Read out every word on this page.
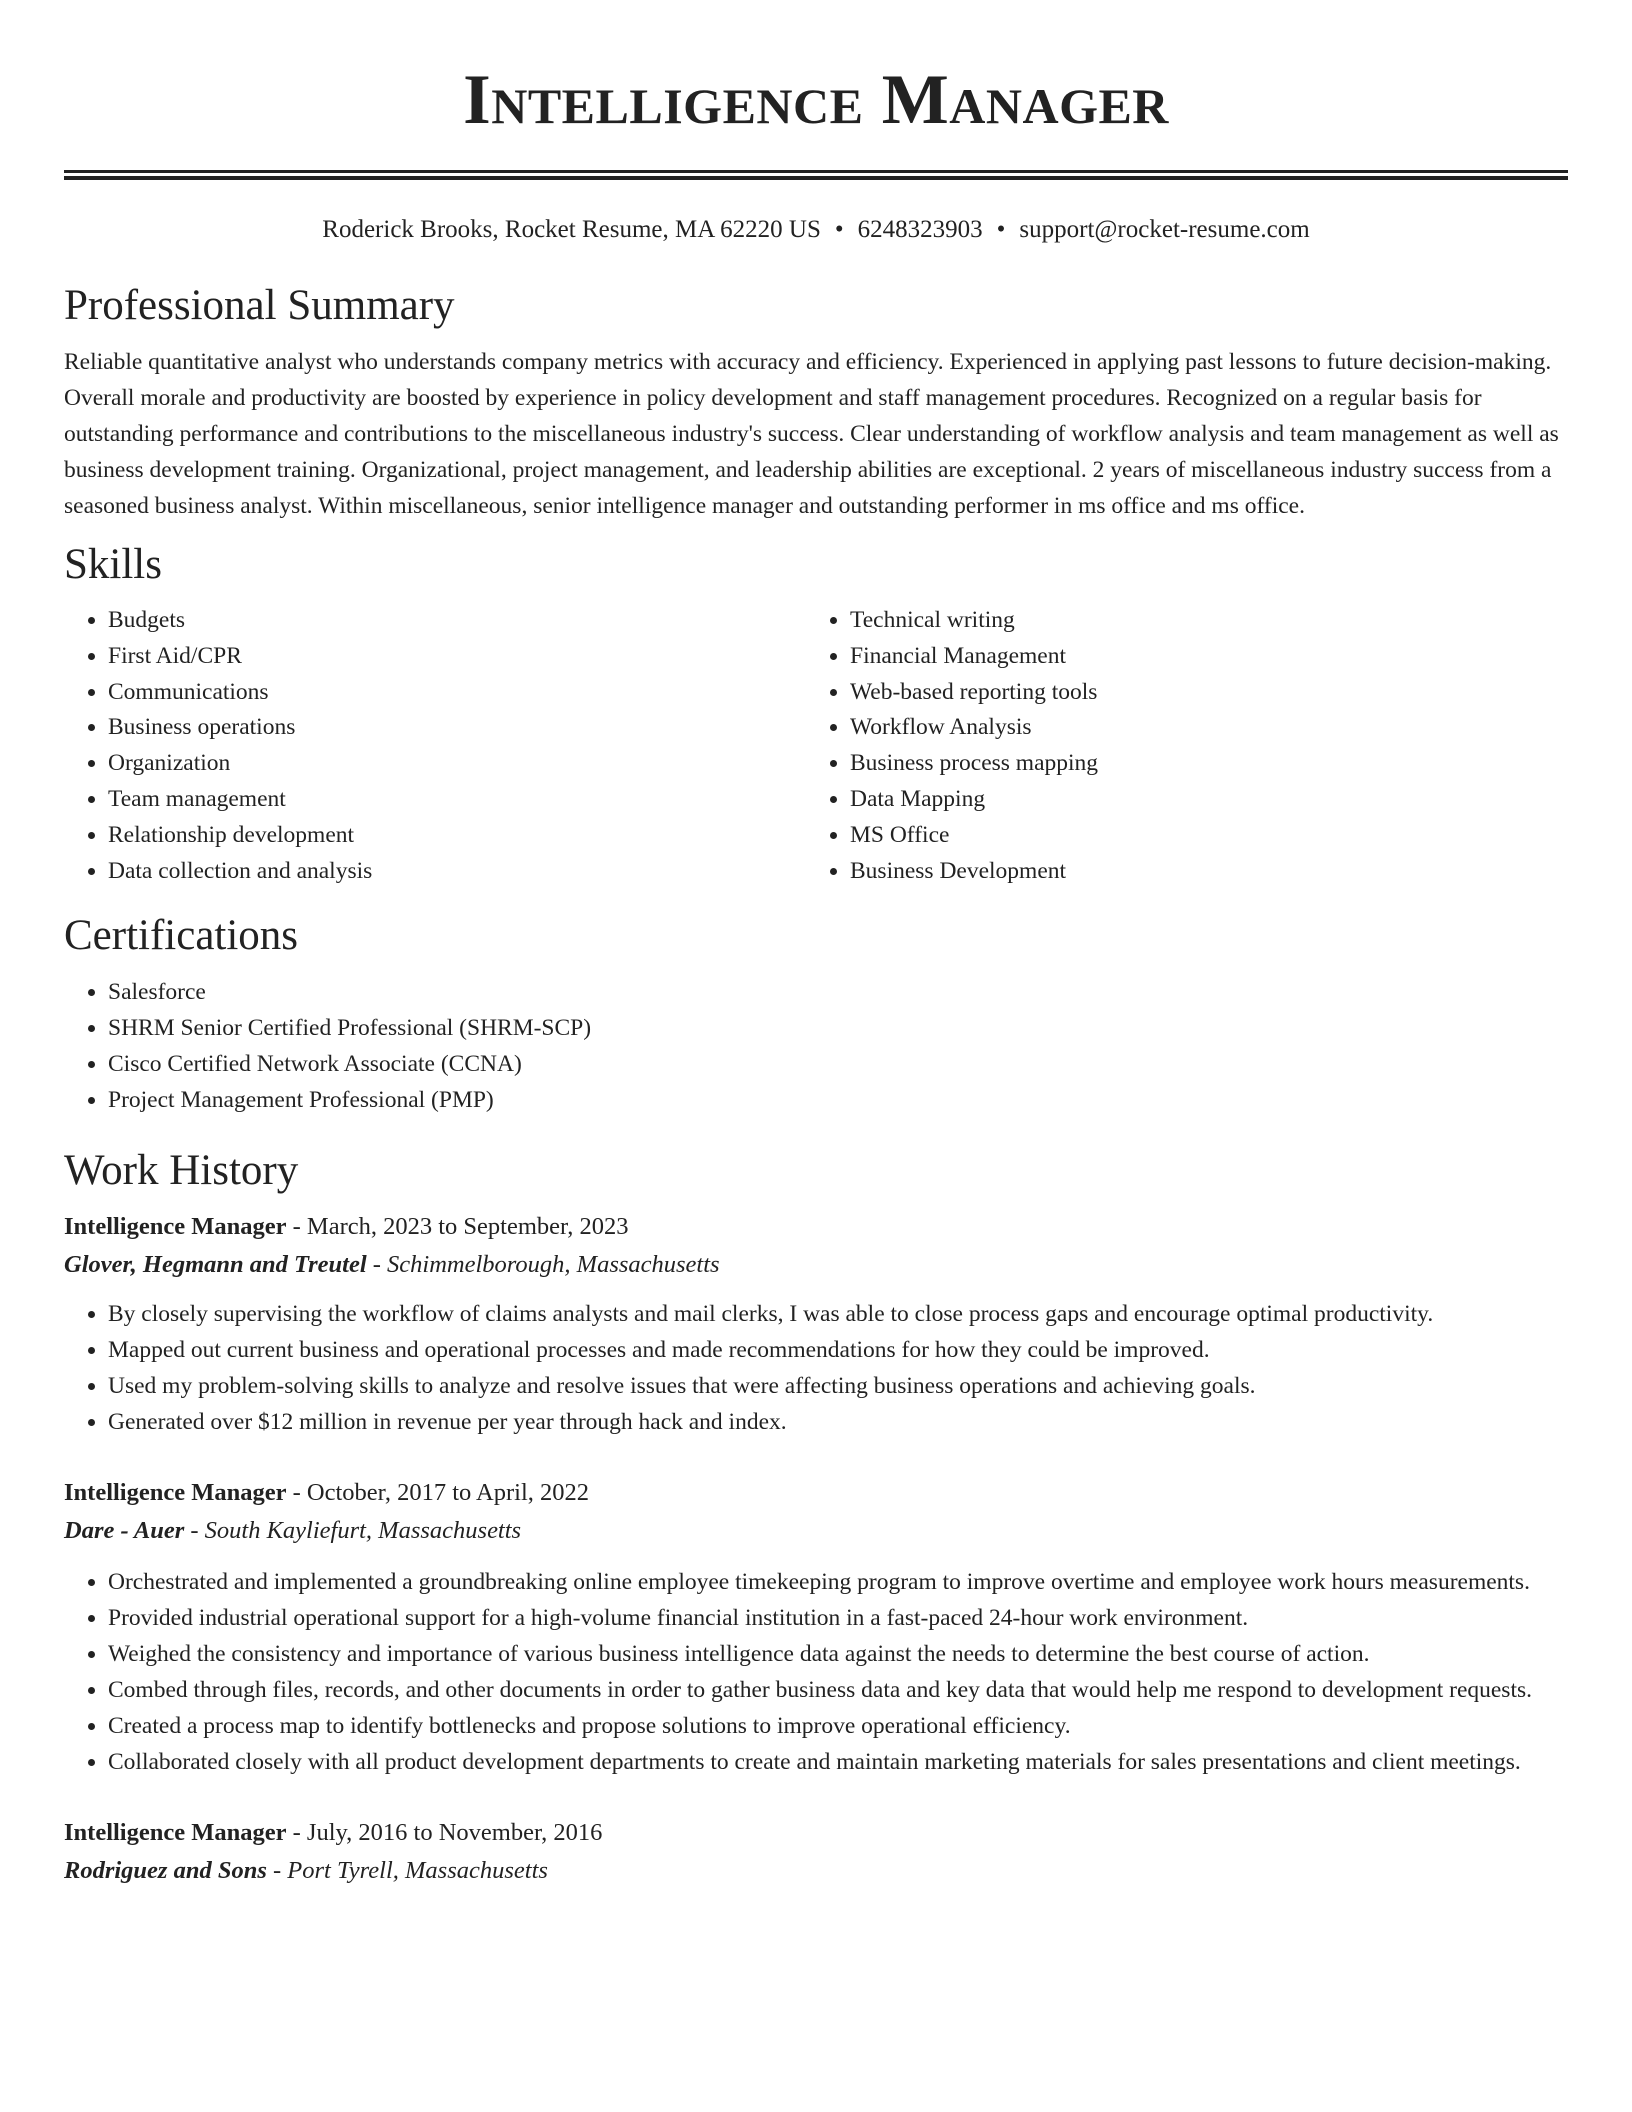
Intelligence Manager
Roderick Brooks, Rocket Resume, MA 62220 US • 6248323903 • support@rocket-resume.com
Professional Summary

Reliable quantitative analyst who understands company metrics with accuracy and efficiency. Experienced in applying past lessons to future decision-making. Overall morale and productivity are boosted by experience in policy development and staff management procedures. Recognized on a regular basis for outstanding performance and contributions to the miscellaneous industry's success. Clear understanding of workflow analysis and team management as well as business development training. Organizational, project management, and leadership abilities are exceptional. 2 years of miscellaneous industry success from a seasoned business analyst. Within miscellaneous, senior intelligence manager and outstanding performer in ms office and ms office.

Skills
• Budgets
• First Aid/CPR
• Communications
• Business operations
• Organization
• Team management
• Relationship development
• Data collection and analysis
• Technical writing
• Financial Management
• Web-based reporting tools
• Workflow Analysis
• Business process mapping
• Data Mapping
• MS Office
• Business Development
Certifications
• Salesforce
• SHRM Senior Certified Professional (SHRM-SCP)
• Cisco Certified Network Associate (CCNA)
• Project Management Professional (PMP)
Work History
Intelligence Manager - March, 2023 to September, 2023
Glover, Hegmann and Treutel - Schimmelborough, Massachusetts
• By closely supervising the workflow of claims analysts and mail clerks, I was able to close process gaps and encourage optimal productivity.
• Mapped out current business and operational processes and made recommendations for how they could be improved.
• Used my problem-solving skills to analyze and resolve issues that were affecting business operations and achieving goals.
• Generated over $12 million in revenue per year through hack and index.
Intelligence Manager - October, 2017 to April, 2022
Dare - Auer - South Kayliefurt, Massachusetts
• Orchestrated and implemented a groundbreaking online employee timekeeping program to improve overtime and employee work hours measurements.
• Provided industrial operational support for a high-volume financial institution in a fast-paced 24-hour work environment.
• Weighed the consistency and importance of various business intelligence data against the needs to determine the best course of action.
• Combed through files, records, and other documents in order to gather business data and key data that would help me respond to development requests.
• Created a process map to identify bottlenecks and propose solutions to improve operational efficiency.
• Collaborated closely with all product development departments to create and maintain marketing materials for sales presentations and client meetings.
Intelligence Manager - July, 2016 to November, 2016
Rodriguez and Sons - Port Tyrell, Massachusetts
